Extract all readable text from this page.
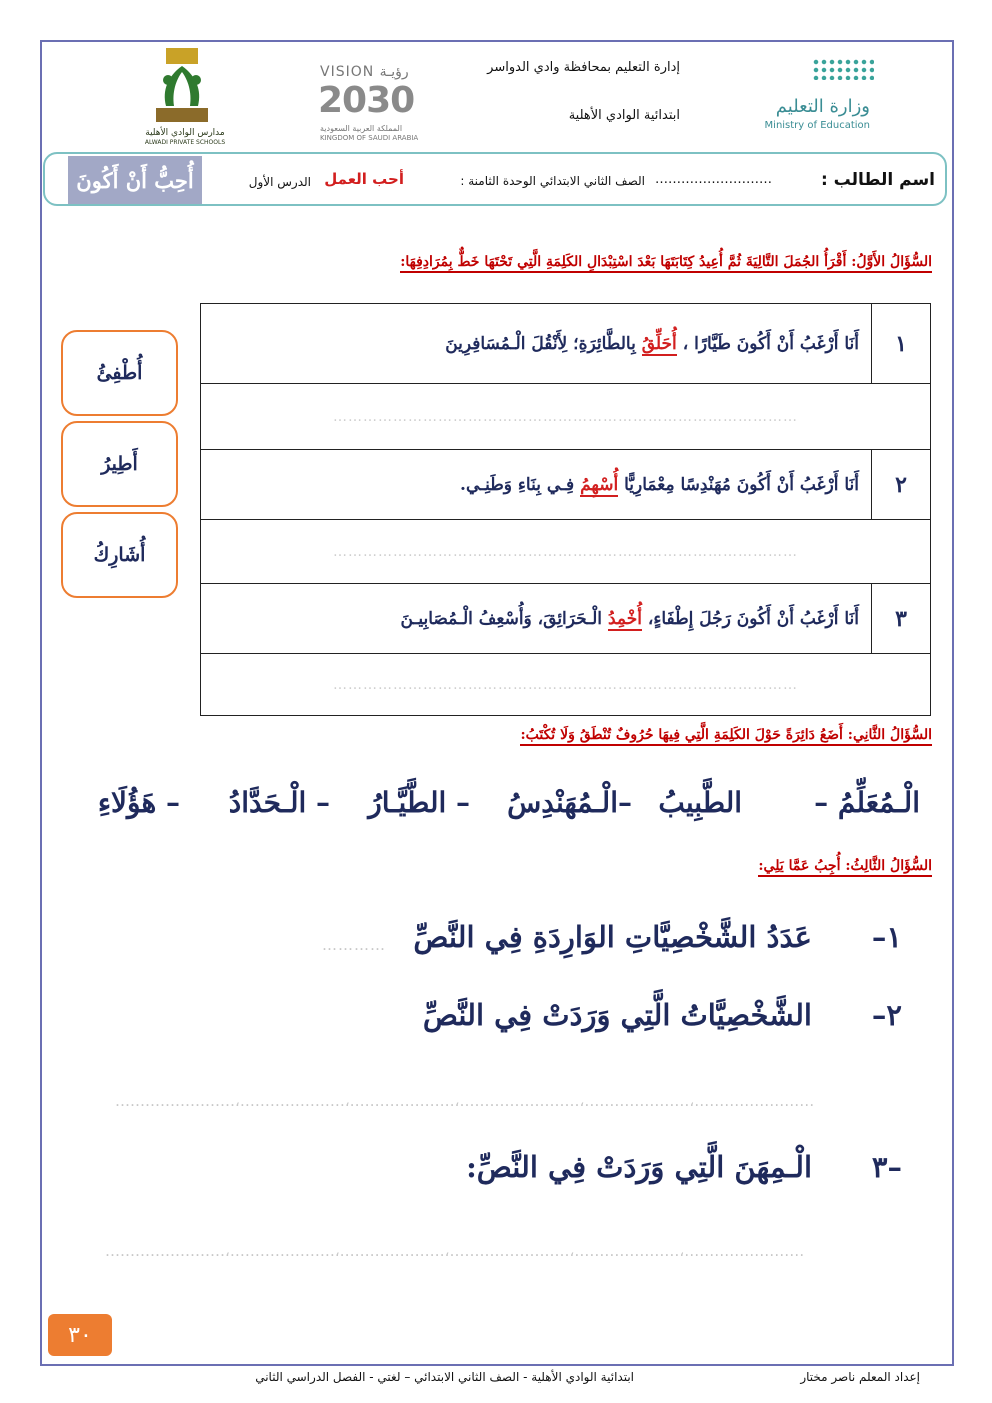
وزارة التعليم
Ministry of Education
إدارة التعليم بمحافظة وادي الدواسر
ابتدائية الوادي الأهلية
VISION رؤيـة
2030
المملكة العربية السعودية
KINGDOM OF SAUDI ARABIA
مدارس الوادي الأهلية
ALWADI PRIVATE SCHOOLS
اسم الطالب :
………………………
الصف الثاني الابتدائي الوحدة الثامنة :
أحب العمل
الدرس الأول
أُحِبُّ أَنْ أَكُونَ
السُّؤَالُ الأَوَّلُ: أَقْرَأُ الجُمَلَ التَّالِيَةَ ثُمَّ أُعِيدُ كِتَابَتَهَا بَعْدَ اسْتِبْدَالِ الكَلِمَةِ الَّتِي تَحْتَهَا خَطٌّ بِمُرَادِفِهَا:
١	أَنَا أَرْغَبُ أَنْ أَكُونَ طَيَّارًا ، أُحَلِّقُ بِالطَّائِرَةِ؛ لِأَنْقُلَ الْـمُسَافِرِينَ
…………………………………………………………………………………	
٢	أَنَا أَرْغَبُ أَنْ أَكُونَ مُهَنْدِسًا مِعْمَارِيًّا أُسْهِمُ فِـي بِنَاءِ وَطَنِـي.
…………………………………………………………………………………	
٣	أَنَا أَرْغَبُ أَنْ أَكُونَ رَجُلَ إِطْفَاءٍ، أُخْمِدُ الْـحَرَائِقَ، وَأُسْعِفُ الْـمُصَابِيـنَ
…………………………………………………………………………………	
أُطْفِئُ
أَطِيرُ
أُشَارِكُ
السُّؤَالُ الثَّانِي: أَضَعُ دَائِرَةً حَوْلَ الكَلِمَةِ الَّتِي فِيهَا حُرُوفٌ تُنْطَقُ وَلَا تُكْتَبُ:
الْـمُعَلِّمُ –
الطَّبِيبُ
–الْـمُهَنْدِسُ
– الطَّيَّـارُ
– الْـحَدَّادُ
– هَؤُلَاءِ
السُّؤَالُ الثَّالِثُ: أُجِبُ عَمَّا يَلِي:
١–
عَدَدُ الشَّخْصِيَّاتِ الوَارِدَةِ فِي النَّصِّ
…………
٢–
الشَّخْصِيَّاتُ الَّتِي وَرَدَتْ فِي النَّصِّ
……………………،…………………،…………………،……………………،…………………،……………………
–٣
الْـمِهَنَ الَّتِي وَرَدَتْ فِي النَّصِّ:
……………………،…………………،…………………،……………………،…………………،……………………
٣٠
إعداد المعلم ناصر مختار
ابتدائية الوادي الأهلية - الصف الثاني الابتدائي – لغتي - الفصل الدراسي الثاني
